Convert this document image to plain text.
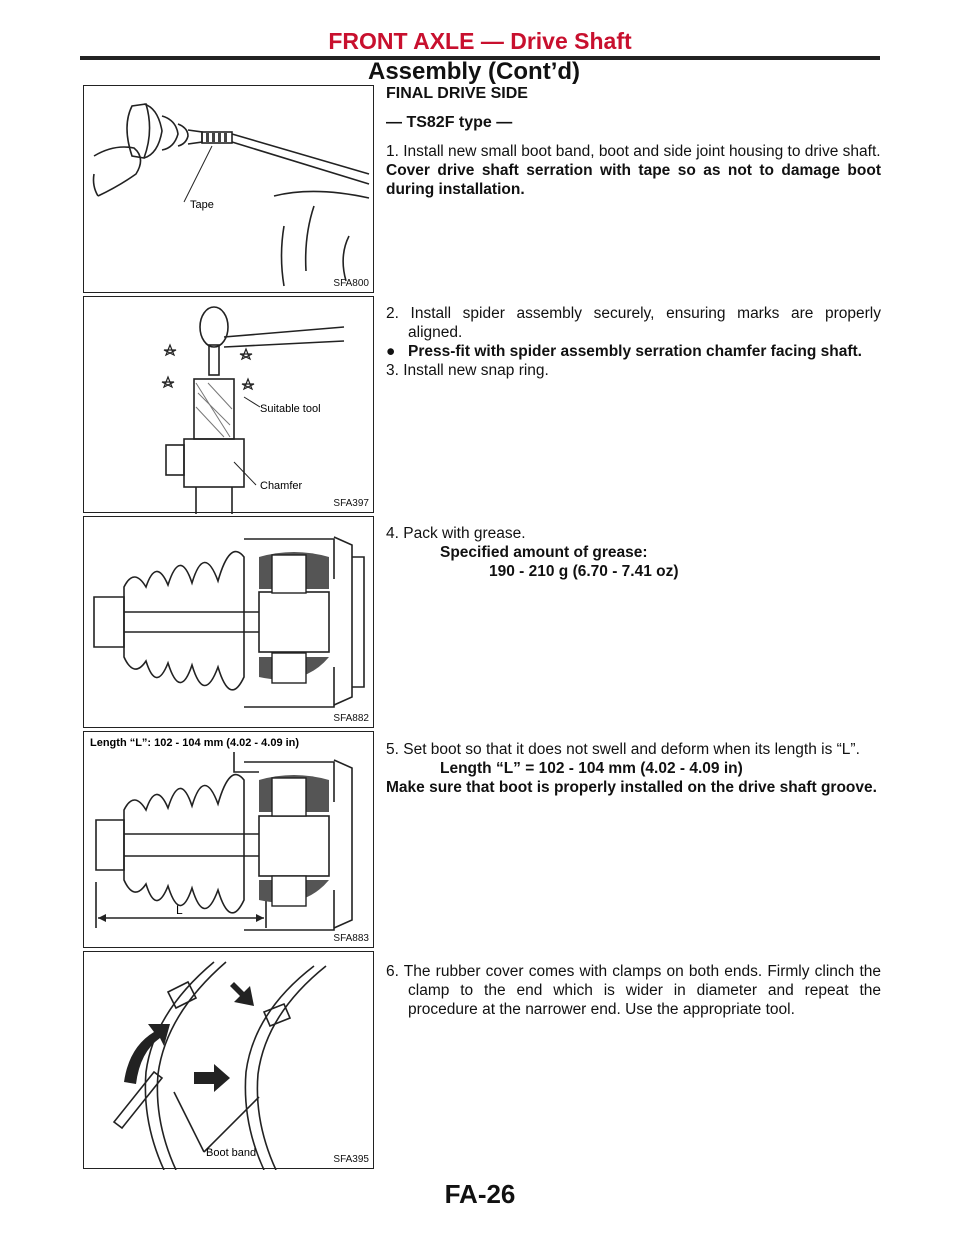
FRONT AXLE — Drive Shaft
Assembly (Cont’d)
Tape
SFA800
Suitable tool
Chamfer
SFA397
SFA882
Length “L”: 102 - 104 mm (4.02 - 4.09 in)
L
SFA883
Boot band
SFA395

FINAL DRIVE SIDE

— TS82F type —

1. Install new small boot band, boot and side joint housing to drive shaft.

Cover drive shaft serration with tape so as not to damage boot during installation.

2. Install spider assembly securely, ensuring marks are properly aligned.

● Press-fit with spider assembly serration chamfer facing shaft.

3. Install new snap ring.

4. Pack with grease.

Specified amount of grease:

190 - 210 g (6.70 - 7.41 oz)

5. Set boot so that it does not swell and deform when its length is “L”.

Length “L” = 102 - 104 mm (4.02 - 4.09 in)

Make sure that boot is properly installed on the drive shaft groove.

6. The rubber cover comes with clamps on both ends. Firmly clinch the clamp to the end which is wider in diameter and repeat the procedure at the narrower end. Use the appropriate tool.

FA-26
